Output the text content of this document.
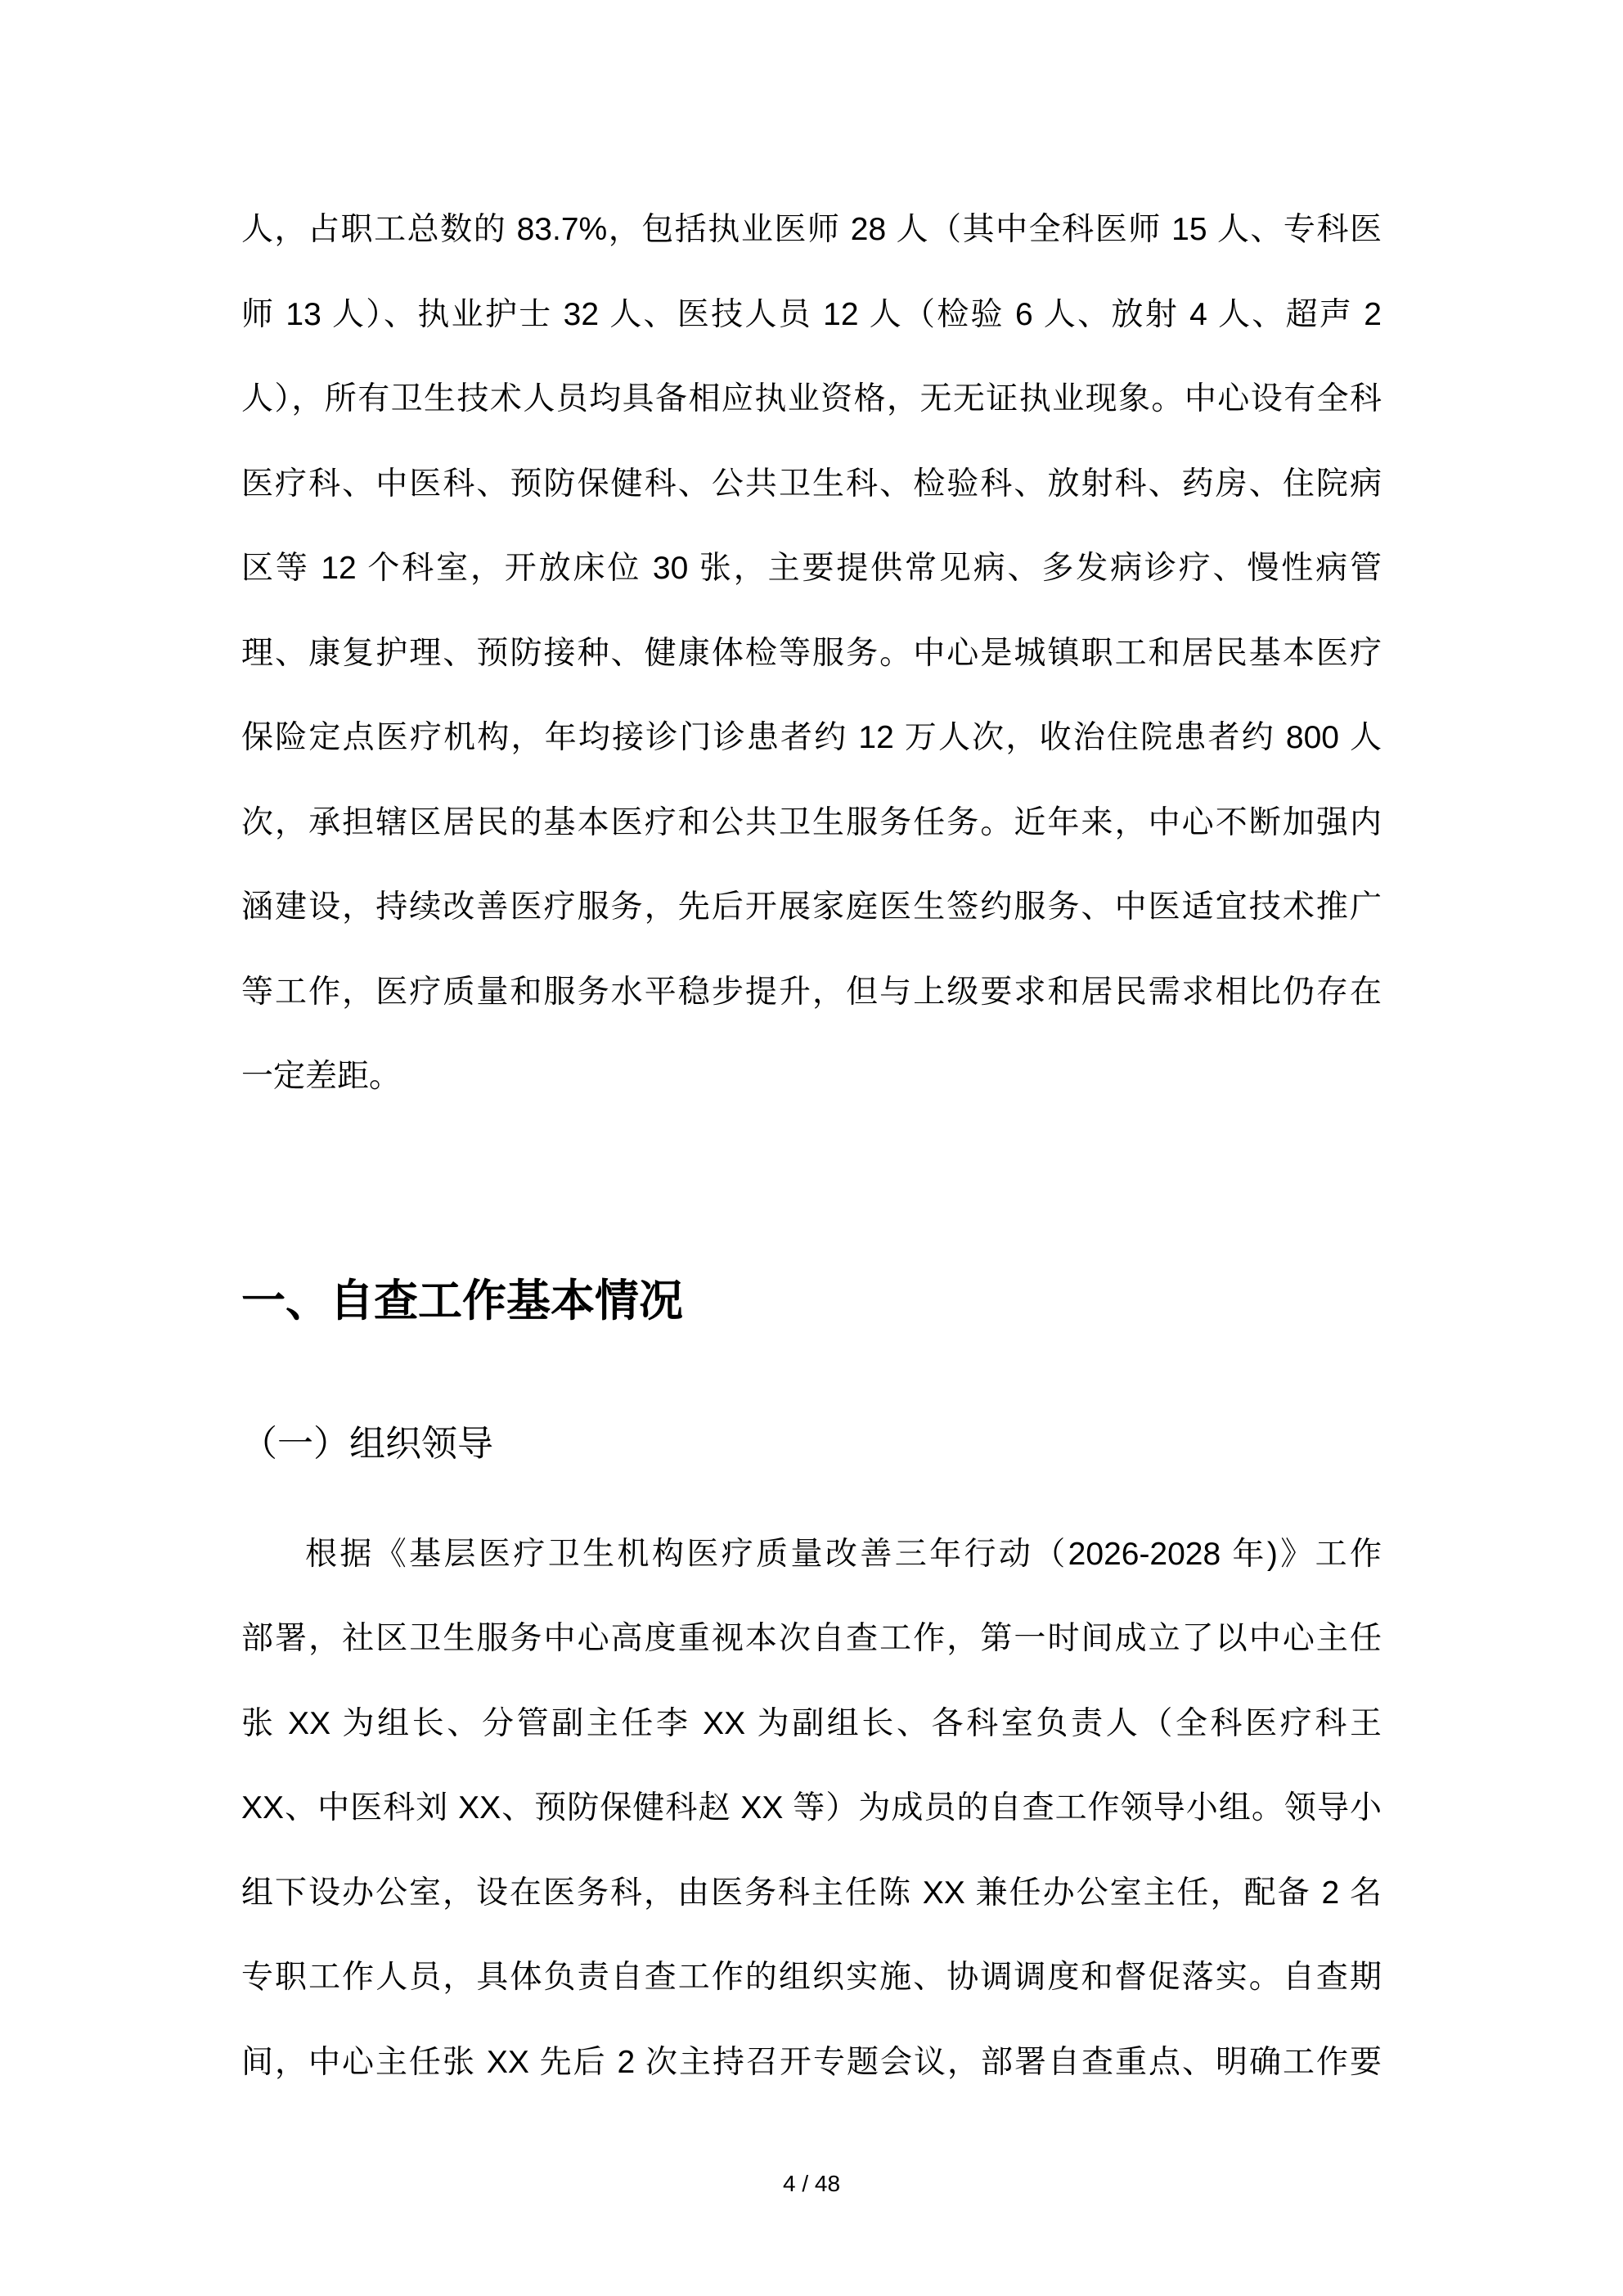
人，占职工总数的 83.7%，包括执业医师 28 人（其中全科医师 15 人、专科医
师 13 人）、执业护士 32 人、医技人员 12 人（检验 6 人、放射 4 人、超声 2
人），所有卫生技术人员均具备相应执业资格，无无证执业现象。中心设有全科
医疗科、中医科、预防保健科、公共卫生科、检验科、放射科、药房、住院病
区等 12 个科室，开放床位 30 张，主要提供常见病、多发病诊疗、慢性病管
理、康复护理、预防接种、健康体检等服务。中心是城镇职工和居民基本医疗
保险定点医疗机构，年均接诊门诊患者约 12 万人次，收治住院患者约 800 人
次，承担辖区居民的基本医疗和公共卫生服务任务。近年来，中心不断加强内
涵建设，持续改善医疗服务，先后开展家庭医生签约服务、中医适宜技术推广
等工作，医疗质量和服务水平稳步提升，但与上级要求和居民需求相比仍存在
一定差距。
一、自查工作基本情况
（一）组织领导
根据《基层医疗卫生机构医疗质量改善三年行动（2026-2028 年)》工作
部署，社区卫生服务中心高度重视本次自查工作，第一时间成立了以中心主任
张 XX 为组长、分管副主任李 XX 为副组长、各科室负责人（全科医疗科王
XX、中医科刘 XX、预防保健科赵 XX 等）为成员的自查工作领导小组。领导小
组下设办公室，设在医务科，由医务科主任陈 XX 兼任办公室主任，配备 2 名
专职工作人员，具体负责自查工作的组织实施、协调调度和督促落实。自查期
间，中心主任张 XX 先后 2 次主持召开专题会议，部署自查重点、明确工作要
4 / 48
